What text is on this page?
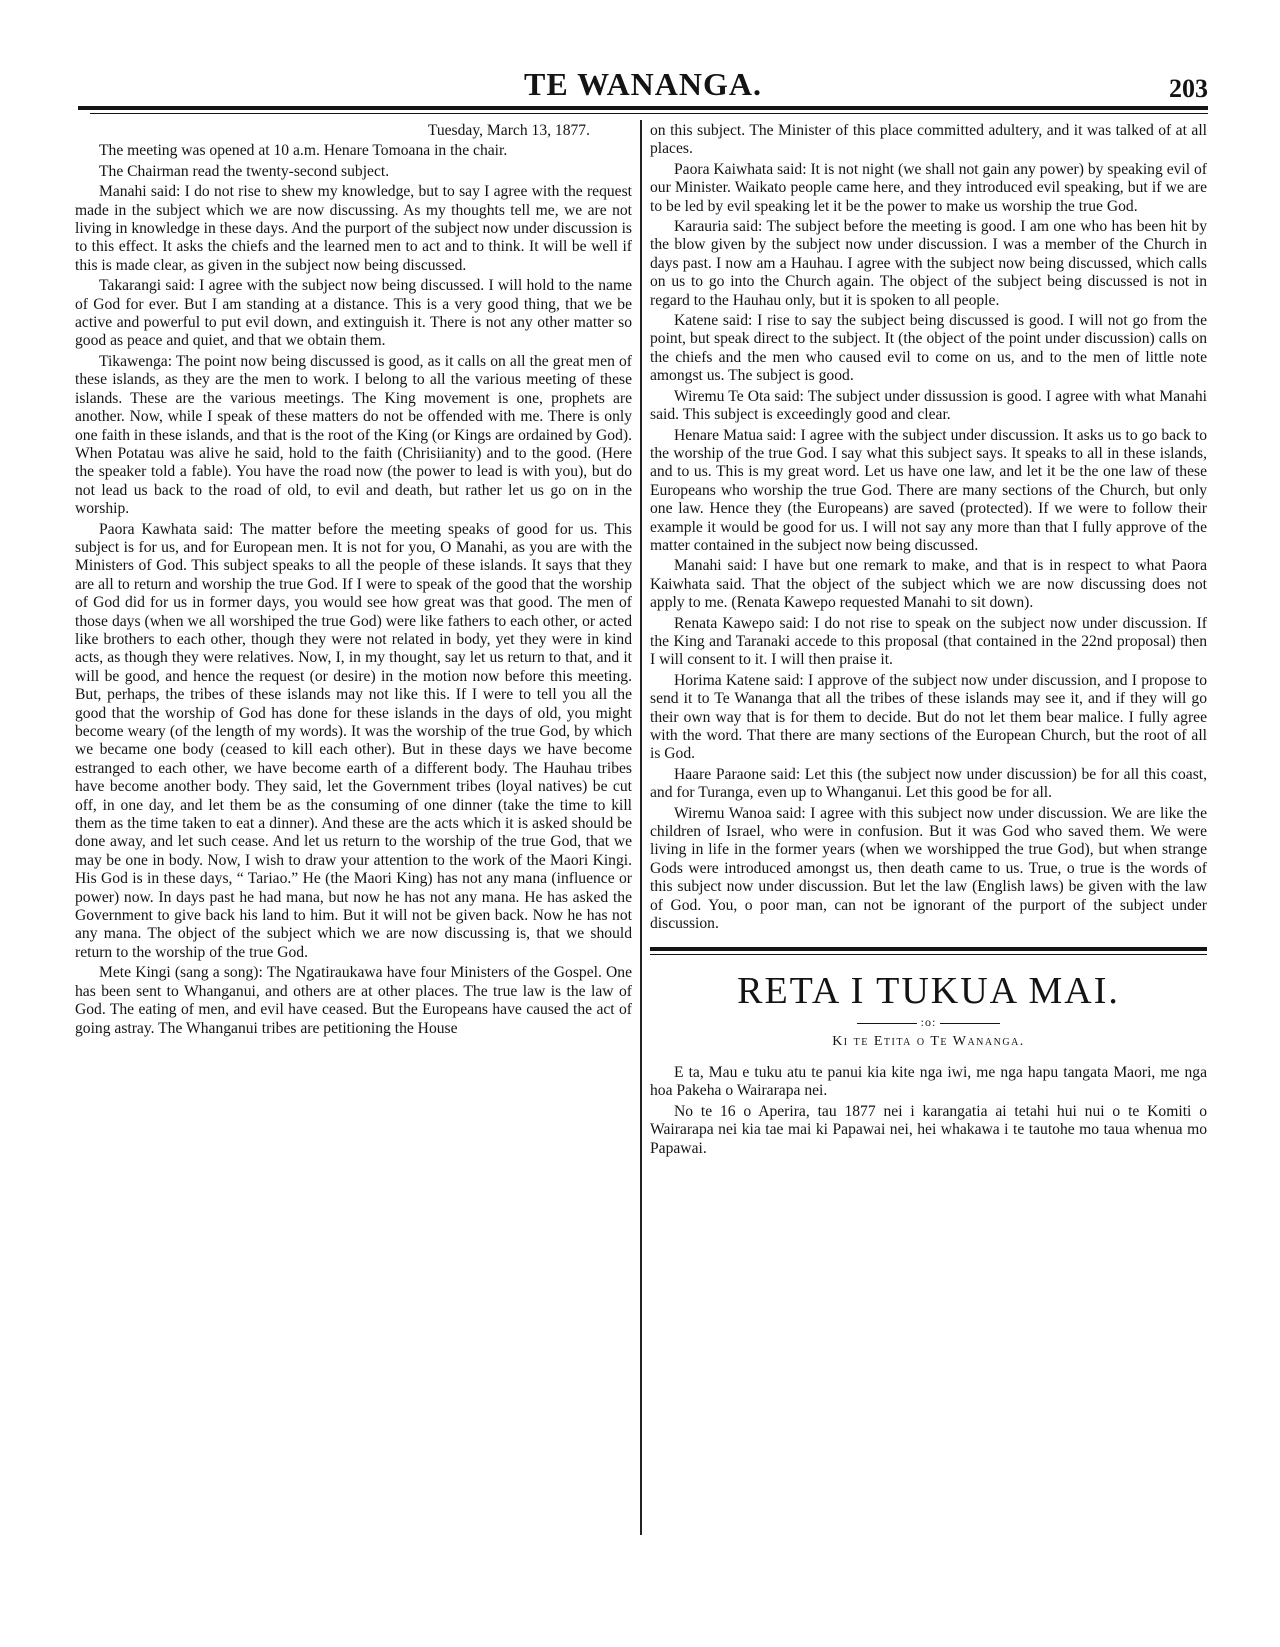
TE WANANGA.	203

Tuesday, March 13, 1877.

The meeting was opened at 10 a.m. Henare Tomoana in the chair.

The Chairman read the twenty-second subject.

Manahi said: I do not rise to shew my knowledge, but to say I agree with the request made in the subject which we are now discussing. As my thoughts tell me, we are not living in knowledge in these days. And the purport of the subject now under discussion is to this effect. It asks the chiefs and the learned men to act and to think. It will be well if this is made clear, as given in the subject now being discussed.

Takarangi said: I agree with the subject now being discussed. I will hold to the name of God for ever. But I am standing at a distance. This is a very good thing, that we be active and powerful to put evil down, and extinguish it. There is not any other matter so good as peace and quiet, and that we obtain them.

Tikawenga: The point now being discussed is good, as it calls on all the great men of these islands, as they are the men to work. I belong to all the various meeting of these islands. These are the various meetings. The King movement is one, prophets are another. Now, while I speak of these matters do not be offended with me. There is only one faith in these islands, and that is the root of the King (or Kings are ordained by God). When Potatau was alive he said, hold to the faith (Chrisiianity) and to the good. (Here the speaker told a fable). You have the road now (the power to lead is with you), but do not lead us back to the road of old, to evil and death, but rather let us go on in the worship.

Paora Kawhata said: The matter before the meeting speaks of good for us. This subject is for us, and for European men. It is not for you, O Manahi, as you are with the Ministers of God. This subject speaks to all the people of these islands. It says that they are all to return and worship the true God. If I were to speak of the good that the worship of God did for us in former days, you would see how great was that good. The men of those days (when we all worshiped the true God) were like fathers to each other, or acted like brothers to each other, though they were not related in body, yet they were in kind acts, as though they were relatives. Now, I, in my thought, say let us return to that, and it will be good, and hence the request (or desire) in the motion now before this meeting. But, perhaps, the tribes of these islands may not like this. If I were to tell you all the good that the worship of God has done for these islands in the days of old, you might become weary (of the length of my words). It was the worship of the true God, by which we became one body (ceased to kill each other). But in these days we have become estranged to each other, we have become earth of a different body. The Hauhau tribes have become another body. They said, let the Government tribes (loyal natives) be cut off, in one day, and let them be as the consuming of one dinner (take the time to kill them as the time taken to eat a dinner). And these are the acts which it is asked should be done away, and let such cease. And let us return to the worship of the true God, that we may be one in body. Now, I wish to draw your attention to the work of the Maori Kingi. His God is in these days, “ Tariao.” He (the Maori King) has not any mana (influence or power) now. In days past he had mana, but now he has not any mana. He has asked the Government to give back his land to him. But it will not be given back. Now he has not any mana. The object of the subject which we are now discussing is, that we should return to the worship of the true God.

Mete Kingi (sang a song): The Ngatiraukawa have four Ministers of the Gospel. One has been sent to Whanganui, and others are at other places. The true law is the law of God. The eating of men, and evil have ceased. But the Europeans have caused the act of going astray. The Whanganui tribes are petitioning the House

on this subject. The Minister of this place committed adultery, and it was talked of at all places.

Paora Kaiwhata said: It is not night (we shall not gain any power) by speaking evil of our Minister. Waikato people came here, and they introduced evil speaking, but if we are to be led by evil speaking let it be the power to make us worship the true God.

Karauria said: The subject before the meeting is good. I am one who has been hit by the blow given by the subject now under discussion. I was a member of the Church in days past. I now am a Hauhau. I agree with the subject now being discussed, which calls on us to go into the Church again. The object of the subject being discussed is not in regard to the Hauhau only, but it is spoken to all people.

Katene said: I rise to say the subject being discussed is good. I will not go from the point, but speak direct to the subject. It (the object of the point under discussion) calls on the chiefs and the men who caused evil to come on us, and to the men of little note amongst us. The subject is good.

Wiremu Te Ota said: The subject under dissussion is good. I agree with what Manahi said. This subject is exceedingly good and clear.

Henare Matua said: I agree with the subject under discussion. It asks us to go back to the worship of the true God. I say what this subject says. It speaks to all in these islands, and to us. This is my great word. Let us have one law, and let it be the one law of these Europeans who worship the true God. There are many sections of the Church, but only one law. Hence they (the Europeans) are saved (protected). If we were to follow their example it would be good for us. I will not say any more than that I fully approve of the matter contained in the subject now being discussed.

Manahi said: I have but one remark to make, and that is in respect to what Paora Kaiwhata said. That the object of the subject which we are now discussing does not apply to me. (Renata Kawepo requested Manahi to sit down).

Renata Kawepo said: I do not rise to speak on the subject now under discussion. If the King and Taranaki accede to this proposal (that contained in the 22nd proposal) then I will consent to it. I will then praise it.

Horima Katene said: I approve of the subject now under discussion, and I propose to send it to Te Wananga that all the tribes of these islands may see it, and if they will go their own way that is for them to decide. But do not let them bear malice. I fully agree with the word. That there are many sections of the European Church, but the root of all is God.

Haare Paraone said: Let this (the subject now under discussion) be for all this coast, and for Turanga, even up to Whanganui. Let this good be for all.

Wiremu Wanoa said: I agree with this subject now under discussion. We are like the children of Israel, who were in confusion. But it was God who saved them. We were living in life in the former years (when we worshipped the true God), but when strange Gods were introduced amongst us, then death came to us. True, o true is the words of this subject now under discussion. But let the law (English laws) be given with the law of God. You, o poor man, can not be ignorant of the purport of the subject under discussion.

RETA I TUKUA MAI.
:o:
Ki te Etita o Te Wananga.

E ta, Mau e tuku atu te panui kia kite nga iwi, me nga hapu tangata Maori, me nga hoa Pakeha o Wairarapa nei.

No te 16 o Aperira, tau 1877 nei i karangatia ai tetahi hui nui o te Komiti o Wairarapa nei kia tae mai ki Papawai nei, hei whakawa i te tautohe mo taua whenua mo Papawai.
